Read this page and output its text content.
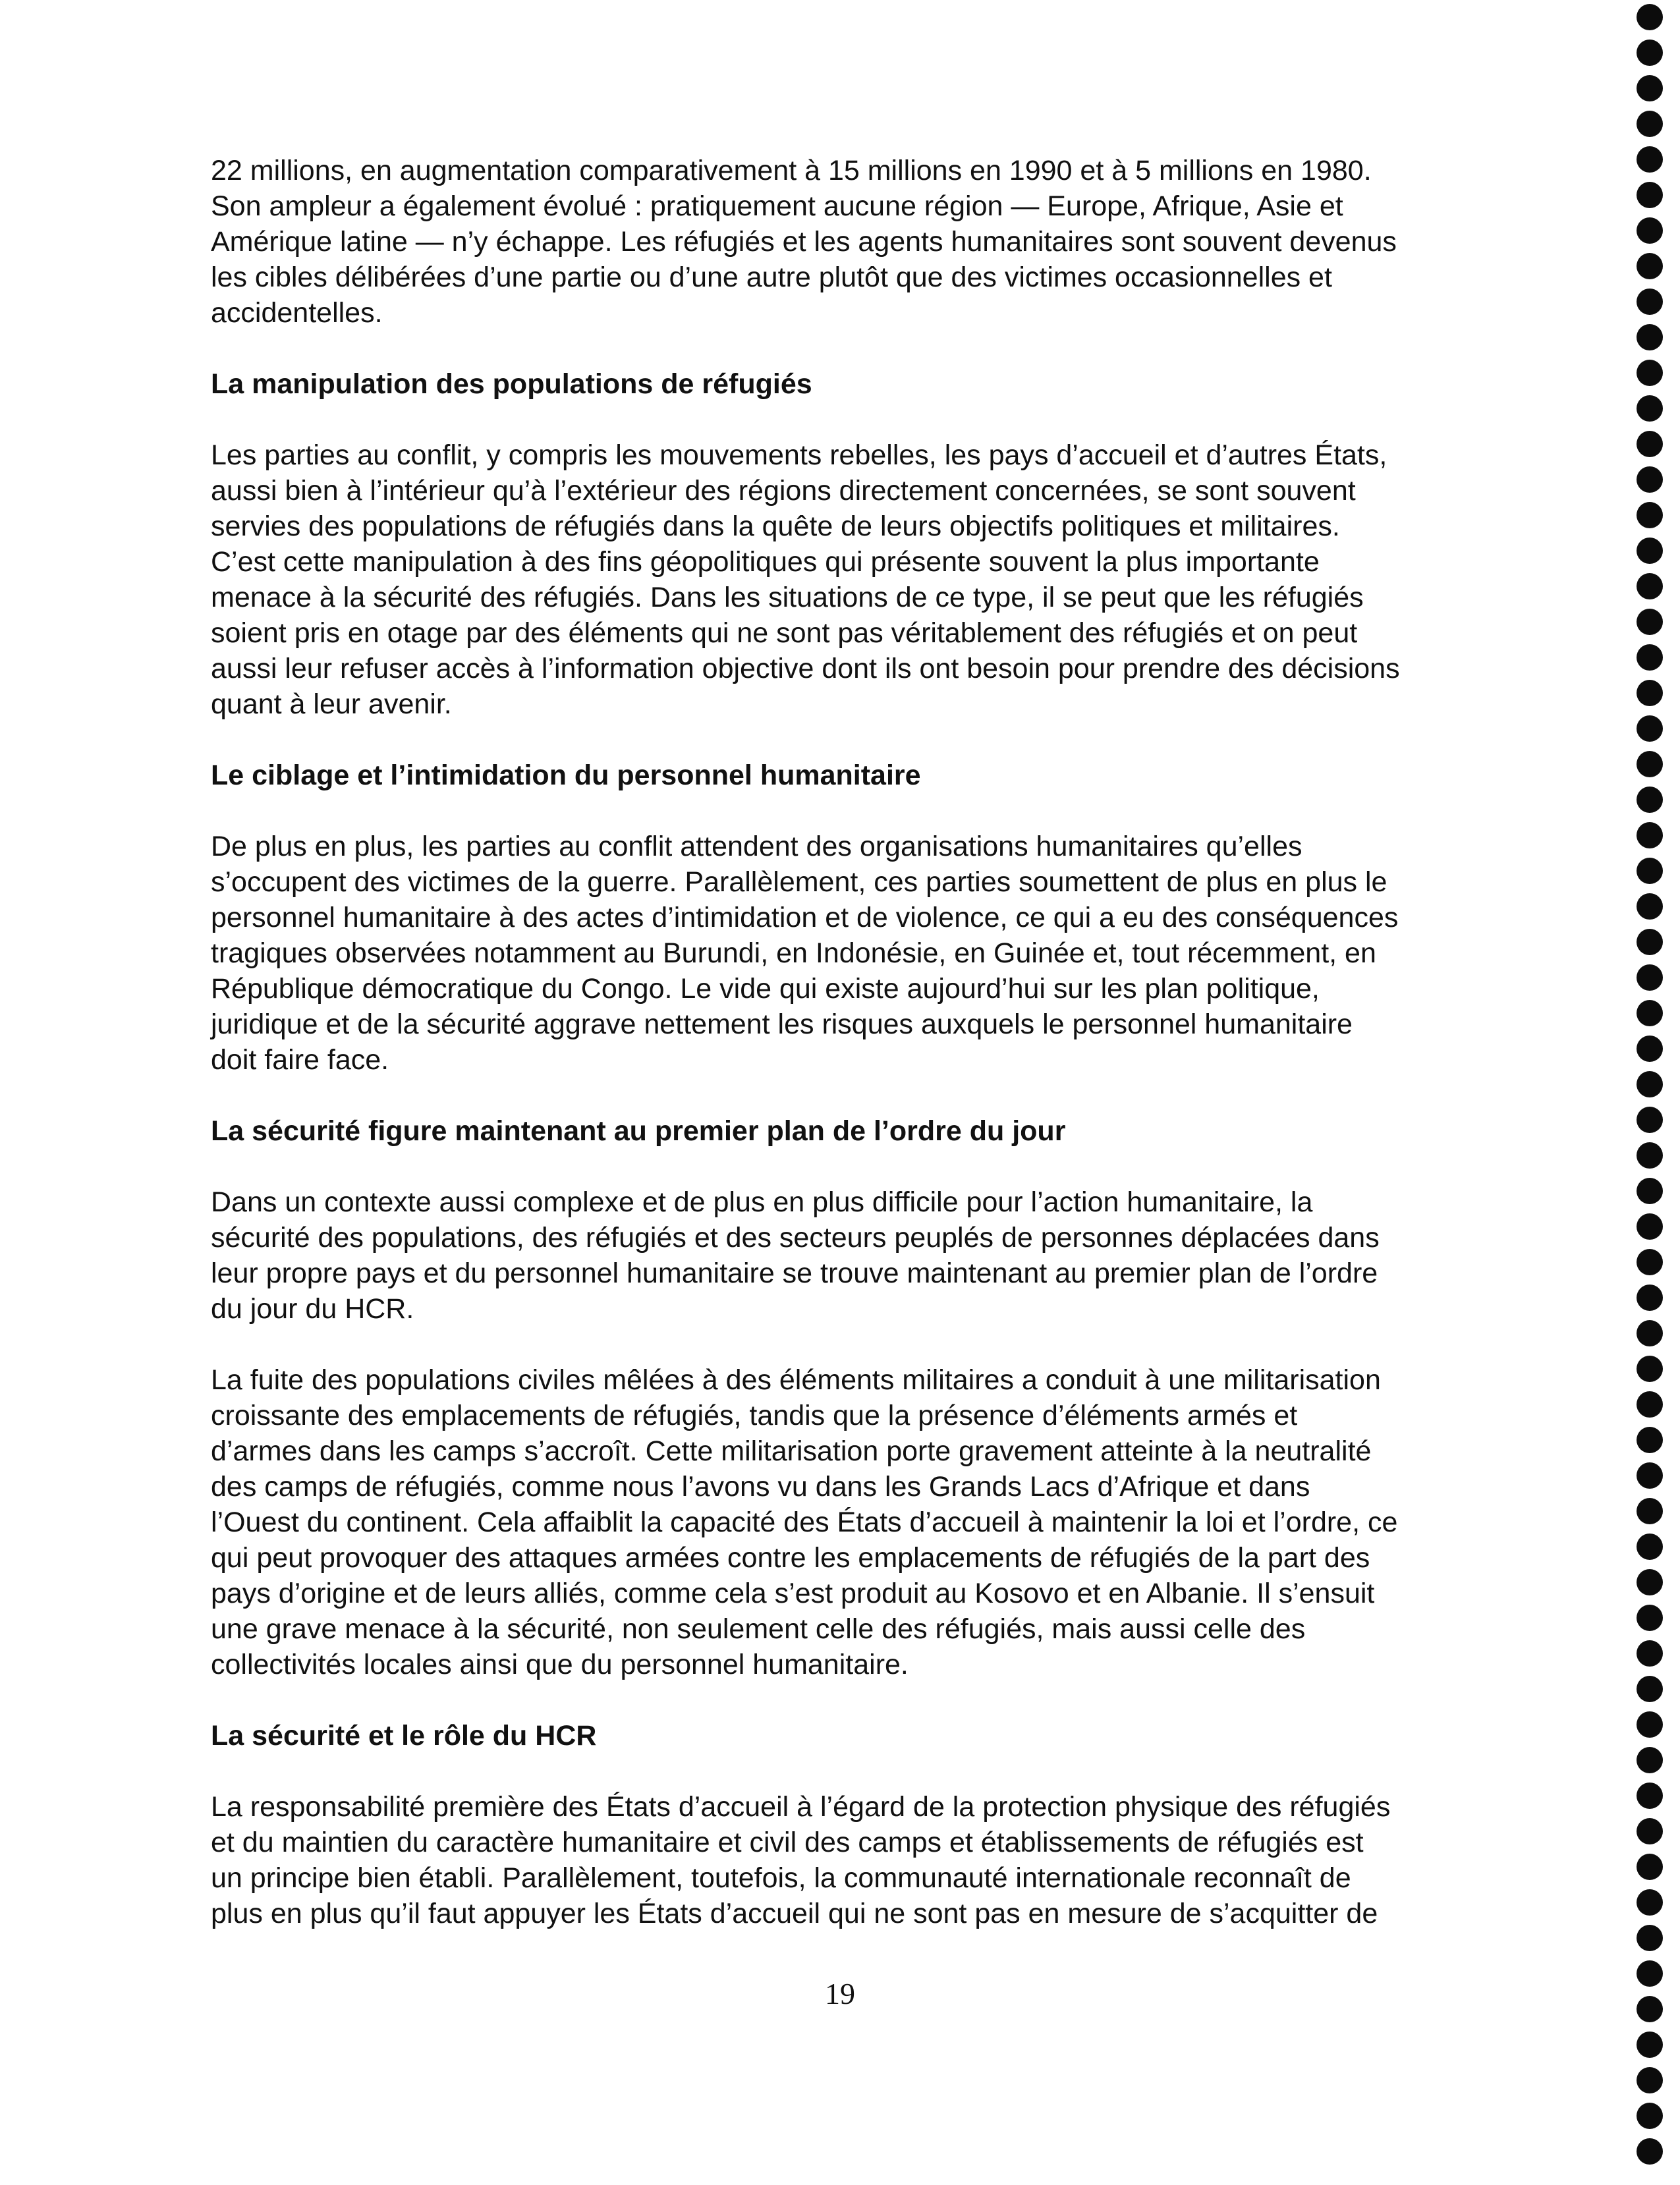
22 millions, en augmentation comparativement à 15 millions en 1990 et à 5 millions en 1980.
Son ampleur a également évolué : pratiquement aucune région — Europe, Afrique, Asie et
Amérique latine — n’y échappe. Les réfugiés et les agents humanitaires sont souvent devenus
les cibles délibérées d’une partie ou d’une autre plutôt que des victimes occasionnelles et
accidentelles.
La manipulation des populations de réfugiés
Les parties au conflit, y compris les mouvements rebelles, les pays d’accueil et d’autres États,
aussi bien à l’intérieur qu’à l’extérieur des régions directement concernées, se sont souvent
servies des populations de réfugiés dans la quête de leurs objectifs politiques et militaires.
C’est cette manipulation à des fins géopolitiques qui présente souvent la plus importante
menace à la sécurité des réfugiés. Dans les situations de ce type, il se peut que les réfugiés
soient pris en otage par des éléments qui ne sont pas véritablement des réfugiés et on peut
aussi leur refuser accès à l’information objective dont ils ont besoin pour prendre des décisions
quant à leur avenir.
Le ciblage et l’intimidation du personnel humanitaire
De plus en plus, les parties au conflit attendent des organisations humanitaires qu’elles
s’occupent des victimes de la guerre. Parallèlement, ces parties soumettent de plus en plus le
personnel humanitaire à des actes d’intimidation et de violence, ce qui a eu des conséquences
tragiques observées notamment au Burundi, en Indonésie, en Guinée et, tout récemment, en
République démocratique du Congo. Le vide qui existe aujourd’hui sur les plan politique,
juridique et de la sécurité aggrave nettement les risques auxquels le personnel humanitaire
doit faire face.
La sécurité figure maintenant au premier plan de l’ordre du jour
Dans un contexte aussi complexe et de plus en plus difficile pour l’action humanitaire, la
sécurité des populations, des réfugiés et des secteurs peuplés de personnes déplacées dans
leur propre pays et du personnel humanitaire se trouve maintenant au premier plan de l’ordre
du jour du HCR.
La fuite des populations civiles mêlées à des éléments militaires a conduit à une militarisation
croissante des emplacements de réfugiés, tandis que la présence d’éléments armés et
d’armes dans les camps s’accroît. Cette militarisation porte gravement atteinte à la neutralité
des camps de réfugiés, comme nous l’avons vu dans les Grands Lacs d’Afrique et dans
l’Ouest du continent. Cela affaiblit la capacité des États d’accueil à maintenir la loi et l’ordre, ce
qui peut provoquer des attaques armées contre les emplacements de réfugiés de la part des
pays d’origine et de leurs alliés, comme cela s’est produit au Kosovo et en Albanie. Il s’ensuit
une grave menace à la sécurité, non seulement celle des réfugiés, mais aussi celle des
collectivités locales ainsi que du personnel humanitaire.
La sécurité et le rôle du HCR
La responsabilité première des États d’accueil à l’égard de la protection physique des réfugiés
et du maintien du caractère humanitaire et civil des camps et établissements de réfugiés est
un principe bien établi. Parallèlement, toutefois, la communauté internationale reconnaît de
plus en plus qu’il faut appuyer les États d’accueil qui ne sont pas en mesure de s’acquitter de
19
